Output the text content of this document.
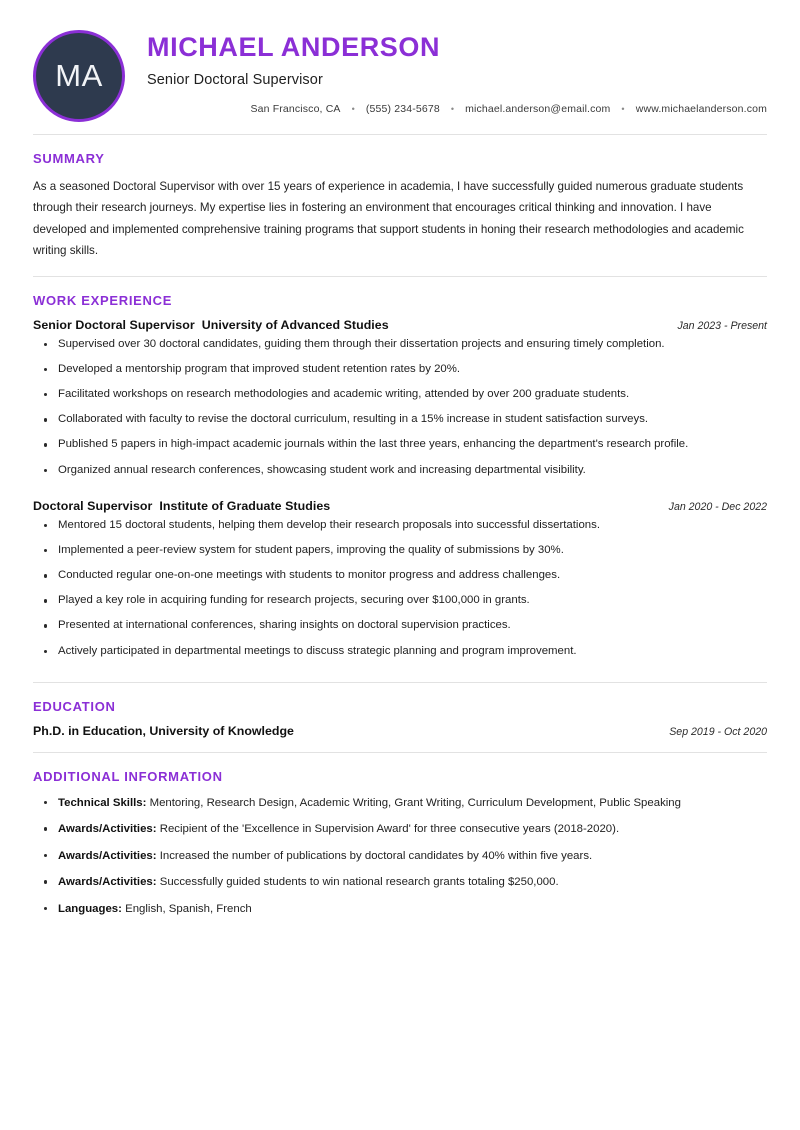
MA
MICHAEL ANDERSON
Senior Doctoral Supervisor
San Francisco, CA • (555) 234-5678 • michael.anderson@email.com • www.michaelanderson.com
SUMMARY

As a seasoned Doctoral Supervisor with over 15 years of experience in academia, I have successfully guided numerous graduate students through their research journeys. My expertise lies in fostering an environment that encourages critical thinking and innovation. I have developed and implemented comprehensive training programs that support students in honing their research methodologies and academic writing skills.

WORK EXPERIENCE
Senior Doctoral Supervisor University of Advanced Studies	Jan 2023 - Present
Supervised over 30 doctoral candidates, guiding them through their dissertation projects and ensuring timely completion.
Developed a mentorship program that improved student retention rates by 20%.
Facilitated workshops on research methodologies and academic writing, attended by over 200 graduate students.
Collaborated with faculty to revise the doctoral curriculum, resulting in a 15% increase in student satisfaction surveys.
Published 5 papers in high-impact academic journals within the last three years, enhancing the department's research profile.
Organized annual research conferences, showcasing student work and increasing departmental visibility.
Doctoral Supervisor Institute of Graduate Studies	Jan 2020 - Dec 2022
Mentored 15 doctoral students, helping them develop their research proposals into successful dissertations.
Implemented a peer-review system for student papers, improving the quality of submissions by 30%.
Conducted regular one-on-one meetings with students to monitor progress and address challenges.
Played a key role in acquiring funding for research projects, securing over $100,000 in grants.
Presented at international conferences, sharing insights on doctoral supervision practices.
Actively participated in departmental meetings to discuss strategic planning and program improvement.
EDUCATION
Ph.D. in Education, University of Knowledge	Sep 2019 - Oct 2020
ADDITIONAL INFORMATION
Technical Skills: Mentoring, Research Design, Academic Writing, Grant Writing, Curriculum Development, Public Speaking
Awards/Activities: Recipient of the 'Excellence in Supervision Award' for three consecutive years (2018-2020).
Awards/Activities: Increased the number of publications by doctoral candidates by 40% within five years.
Awards/Activities: Successfully guided students to win national research grants totaling $250,000.
Languages: English, Spanish, French
